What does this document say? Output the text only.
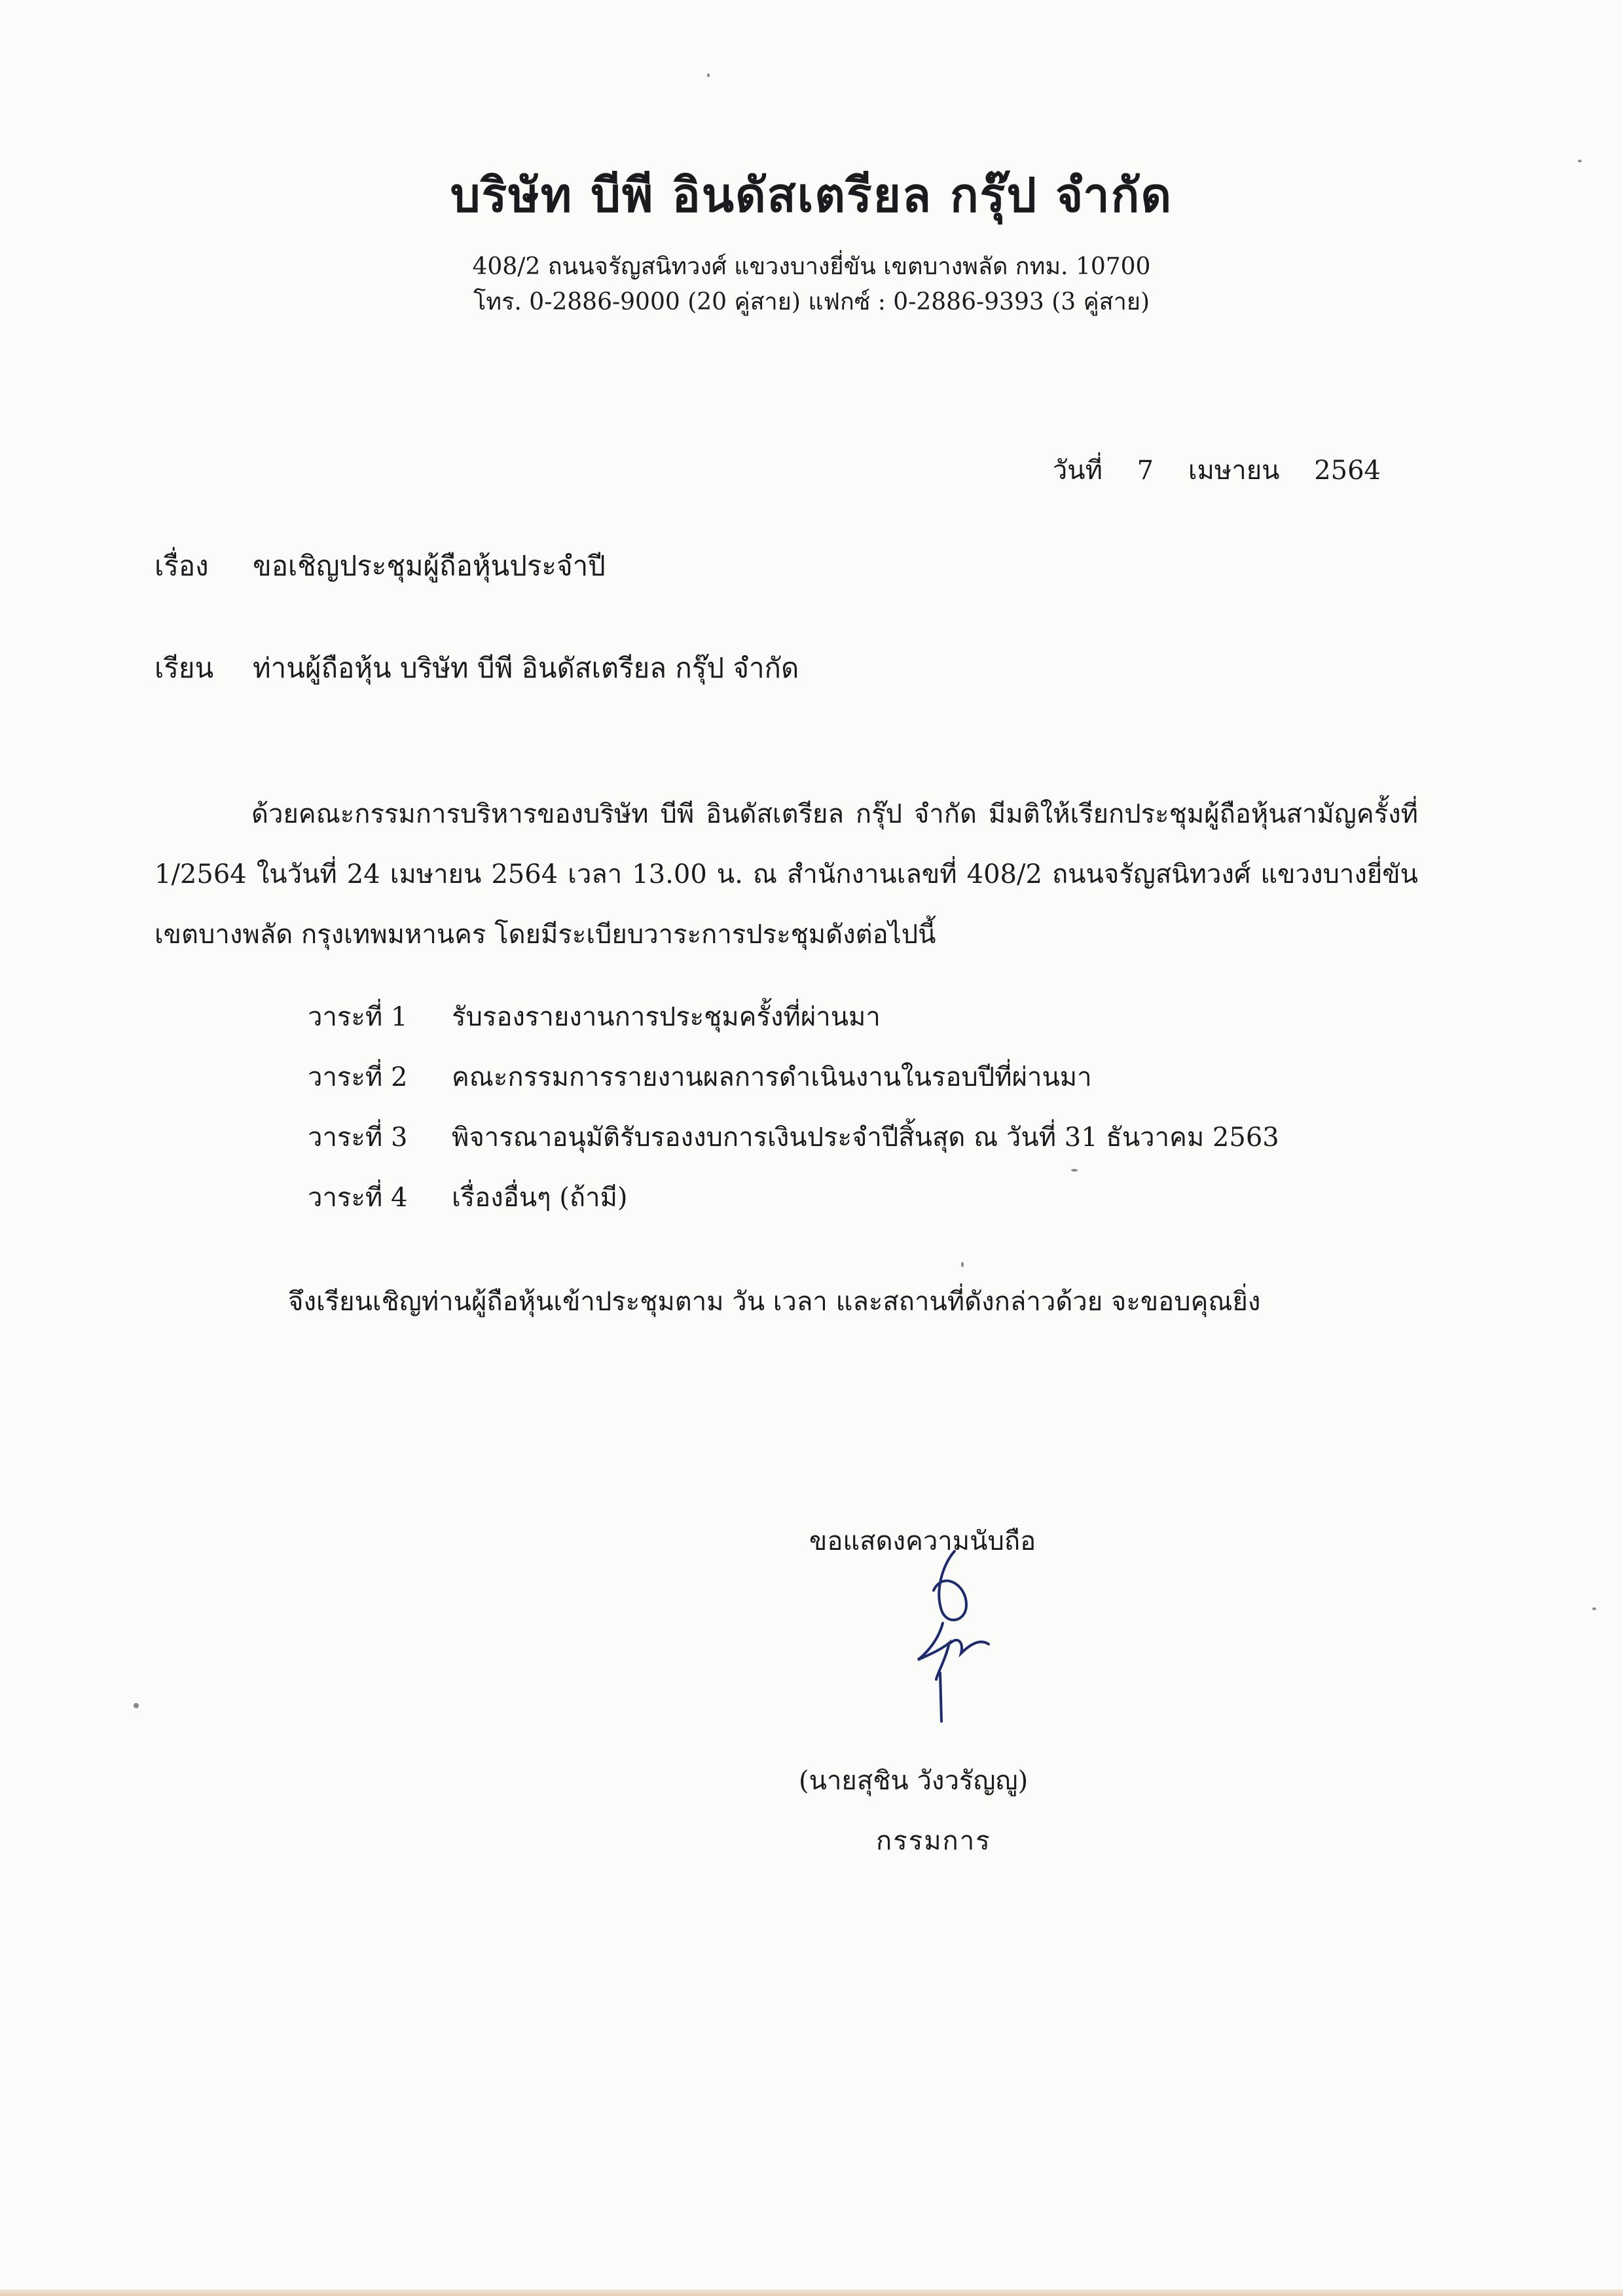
บริษัท บีพี อินดัสเตรียล กรุ๊ป จำกัด
408/2 ถนนจรัญสนิทวงศ์ แขวงบางยี่ขัน เขตบางพลัด กทม. 10700
โทร. 0-2886-9000 (20 คู่สาย) แฟกซ์ : 0-2886-9393 (3 คู่สาย)
วันที่ 7 เมษายน 2564
เรื่อง ขอเชิญประชุมผู้ถือหุ้นประจำปี
เรียน ท่านผู้ถือหุ้น บริษัท บีพี อินดัสเตรียล กรุ๊ป จำกัด
ด้วยคณะกรรมการบริหารของบริษัท บีพี อินดัสเตรียล กรุ๊ป จำกัด มีมติให้เรียกประชุมผู้ถือหุ้นสามัญครั้งที่ 1/2564 ในวันที่ 24 เมษายน 2564 เวลา 13.00 น. ณ สำนักงานเลขที่ 408/2 ถนนจรัญสนิทวงศ์ แขวงบางยี่ขัน เขตบางพลัด กรุงเทพมหานคร โดยมีระเบียบวาระการประชุมดังต่อไปนี้
วาระที่ 1 รับรองรายงานการประชุมครั้งที่ผ่านมา
วาระที่ 2 คณะกรรมการรายงานผลการดำเนินงานในรอบปีที่ผ่านมา
วาระที่ 3 พิจารณาอนุมัติรับรองงบการเงินประจำปีสิ้นสุด ณ วันที่ 31 ธันวาคม 2563
วาระที่ 4 เรื่องอื่นๆ (ถ้ามี)
จึงเรียนเชิญท่านผู้ถือหุ้นเข้าประชุมตาม วัน เวลา และสถานที่ดังกล่าวด้วย จะขอบคุณยิ่ง
ขอแสดงความนับถือ
(นายสุชิน วังวรัญญู)
กรรมการ
